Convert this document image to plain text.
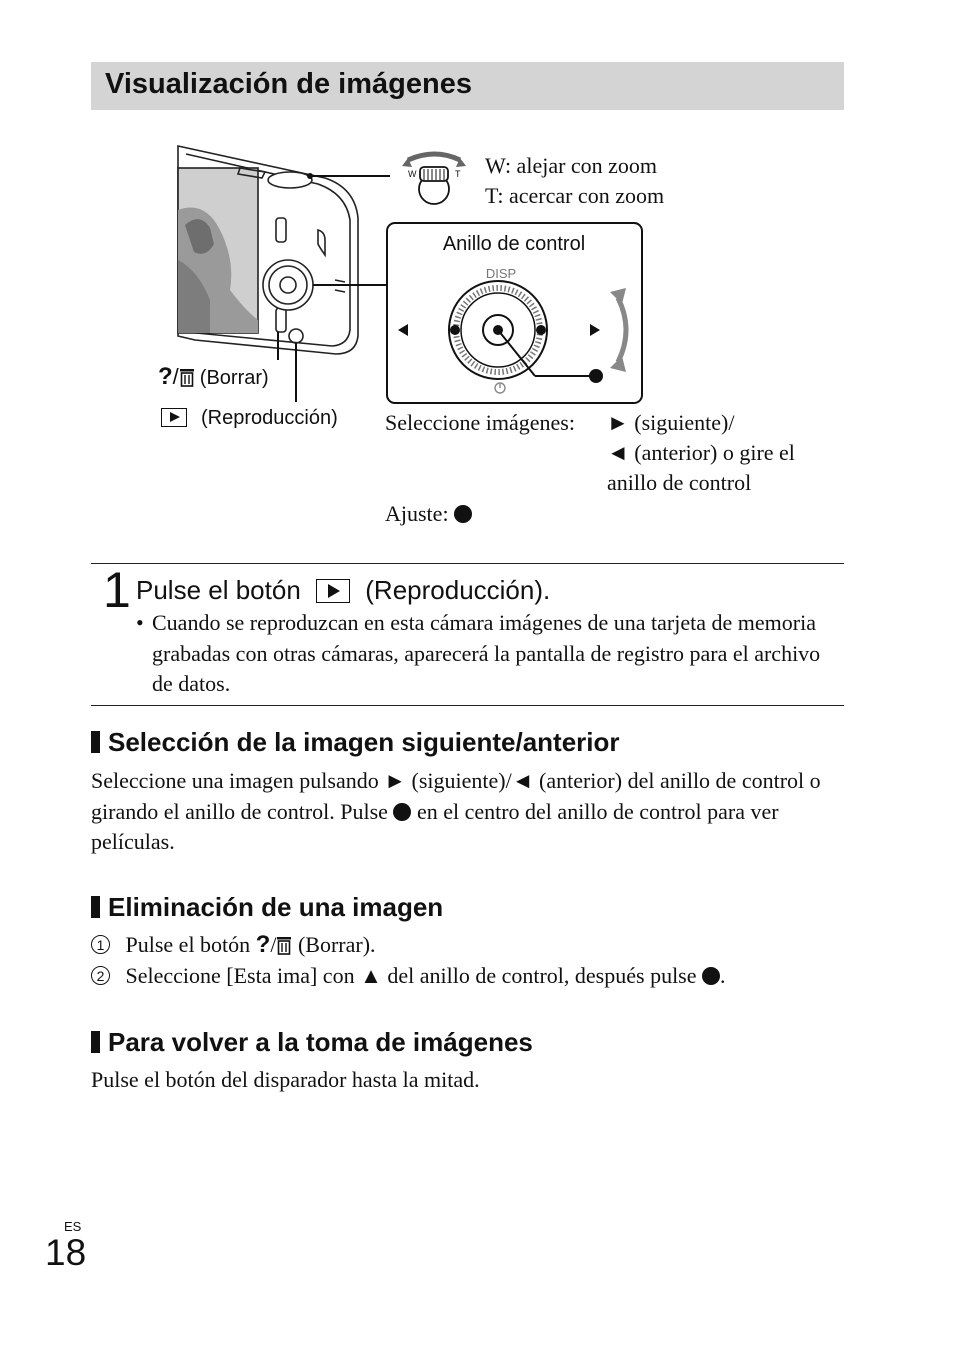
Visualización de imágenes
W	T
Anillo de control
DISP
W: alejar con zoom
T: acercar con zoom
?/ (Borrar)
(Reproducción) Seleccione imágenes: ► (siguiente)/
◄ (anterior) o gire el
anillo de control
Ajuste:
1 Pulse el botón (Reproducción).
• Cuando se reproduzcan en esta cámara imágenes de una tarjeta de memoria grabadas con otras cámaras, aparecerá la pantalla de registro para el archivo de datos.
Selección de la imagen siguiente/anterior
Seleccione una imagen pulsando ► (siguiente)/◄ (anterior) del anillo de control o girando el anillo de control. Pulse en el centro del anillo de control para ver películas.
Eliminación de una imagen
1 Pulse el botón ?/ (Borrar).
2 Seleccione [Esta ima] con ▲ del anillo de control, después pulse .
Para volver a la toma de imágenes
Pulse el botón del disparador hasta la mitad.
ES
18
